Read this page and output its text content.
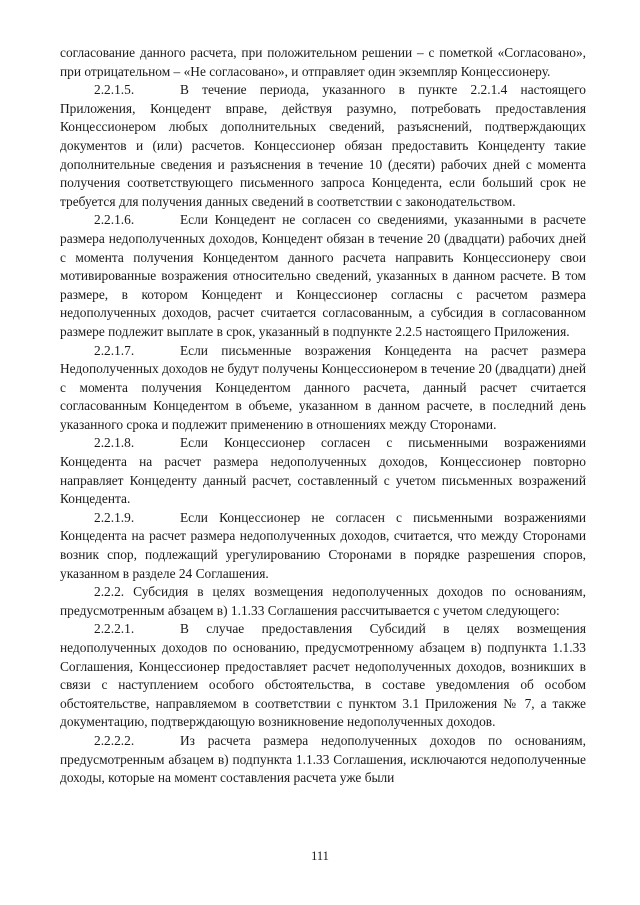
согласование данного расчета, при положительном решении – с пометкой «Согласовано», при отрицательном – «Не согласовано», и отправляет один экземпляр Концессионеру.

2.2.1.5.	В течение периода, указанного в пункте 2.2.1.4 настоящего Приложения, Концедент вправе, действуя разумно, потребовать предоставления Концессионером любых дополнительных сведений, разъяснений, подтверждающих документов и (или) расчетов. Концессионер обязан предоставить Концеденту такие дополнительные сведения и разъяснения в течение 10 (десяти) рабочих дней с момента получения соответствующего письменного запроса Концедента, если больший срок не требуется для получения данных сведений в соответствии с законодательством.

2.2.1.6.	Если Концедент не согласен со сведениями, указанными в расчете размера недополученных доходов, Концедент обязан в течение 20 (двадцати) рабочих дней с момента получения Концедентом данного расчета направить Концессионеру свои мотивированные возражения относительно сведений, указанных в данном расчете. В том размере, в котором Концедент и Концессионер согласны с расчетом размера недополученных доходов, расчет считается согласованным, а субсидия в согласованном размере подлежит выплате в срок, указанный в подпункте 2.2.5 настоящего Приложения.

2.2.1.7.	Если письменные возражения Концедента на расчет размера Недополученных доходов не будут получены Концессионером в течение 20 (двадцати) дней с момента получения Концедентом данного расчета, данный расчет считается согласованным Концедентом в объеме, указанном в данном расчете, в последний день указанного срока и подлежит применению в отношениях между Сторонами.

2.2.1.8.	Если Концессионер согласен с письменными возражениями Концедента на расчет размера недополученных доходов, Концессионер повторно направляет Концеденту данный расчет, составленный с учетом письменных возражений Концедента.

2.2.1.9.	Если Концессионер не согласен с письменными возражениями Концедента на расчет размера недополученных доходов, считается, что между Сторонами возник спор, подлежащий урегулированию Сторонами в порядке разрешения споров, указанном в разделе 24 Соглашения.

2.2.2. Субсидия в целях возмещения недополученных доходов по основаниям, предусмотренным абзацем в) 1.1.33 Соглашения рассчитывается с учетом следующего:

2.2.2.1.	В случае предоставления Субсидий в целях возмещения недополученных доходов по основанию, предусмотренному абзацем в) подпункта 1.1.33 Соглашения, Концессионер предоставляет расчет недополученных доходов, возникших в связи с наступлением особого обстоятельства, в составе уведомления об особом обстоятельстве, направляемом в соответствии с пунктом 3.1 Приложения № 7, а также документацию, подтверждающую возникновение недополученных доходов.

2.2.2.2.	Из расчета размера недополученных доходов по основаниям, предусмотренным абзацем в) подпункта 1.1.33 Соглашения, исключаются недополученные доходы, которые на момент составления расчета уже были

111
